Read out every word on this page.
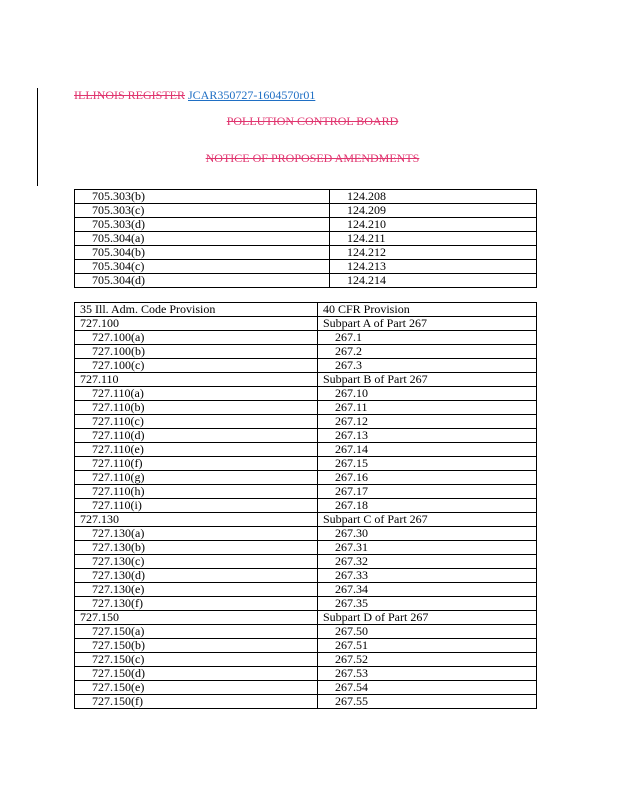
ILLINOIS REGISTER JCAR350727-1604570r01
POLLUTION CONTROL BOARD
NOTICE OF PROPOSED AMENDMENTS
705.303(b)	124.208
705.303(c)	124.209
705.303(d)	124.210
705.304(a)	124.211
705.304(b)	124.212
705.304(c)	124.213
705.304(d)	124.214
35 Ill. Adm. Code Provision	40 CFR Provision
727.100	Subpart A of Part 267
727.100(a)	267.1
727.100(b)	267.2
727.100(c)	267.3
727.110	Subpart B of Part 267
727.110(a)	267.10
727.110(b)	267.11
727.110(c)	267.12
727.110(d)	267.13
727.110(e)	267.14
727.110(f)	267.15
727.110(g)	267.16
727.110(h)	267.17
727.110(i)	267.18
727.130	Subpart C of Part 267
727.130(a)	267.30
727.130(b)	267.31
727.130(c)	267.32
727.130(d)	267.33
727.130(e)	267.34
727.130(f)	267.35
727.150	Subpart D of Part 267
727.150(a)	267.50
727.150(b)	267.51
727.150(c)	267.52
727.150(d)	267.53
727.150(e)	267.54
727.150(f)	267.55
